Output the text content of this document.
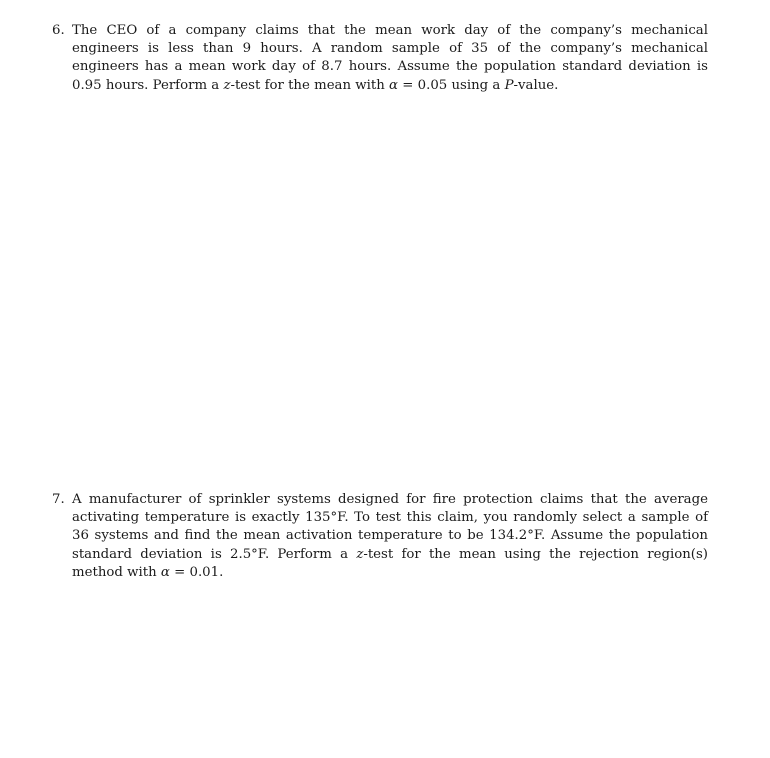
6. The CEO of a company claims that the mean work day of the company’s mechanical engineers is less than 9 hours. A random sample of 35 of the company’s mechanical engineers has a mean work day of 8.7 hours. Assume the population standard deviation is 0.95 hours. Perform a z-test for the mean with α = 0.05 using a P-value.
7. A manufacturer of sprinkler systems designed for fire protection claims that the average activating temperature is exactly 135°F. To test this claim, you randomly select a sample of 36 systems and find the mean activation temperature to be 134.2°F. Assume the population standard deviation is 2.5°F. Perform a z-test for the mean using the rejection region(s) method with α = 0.01.
